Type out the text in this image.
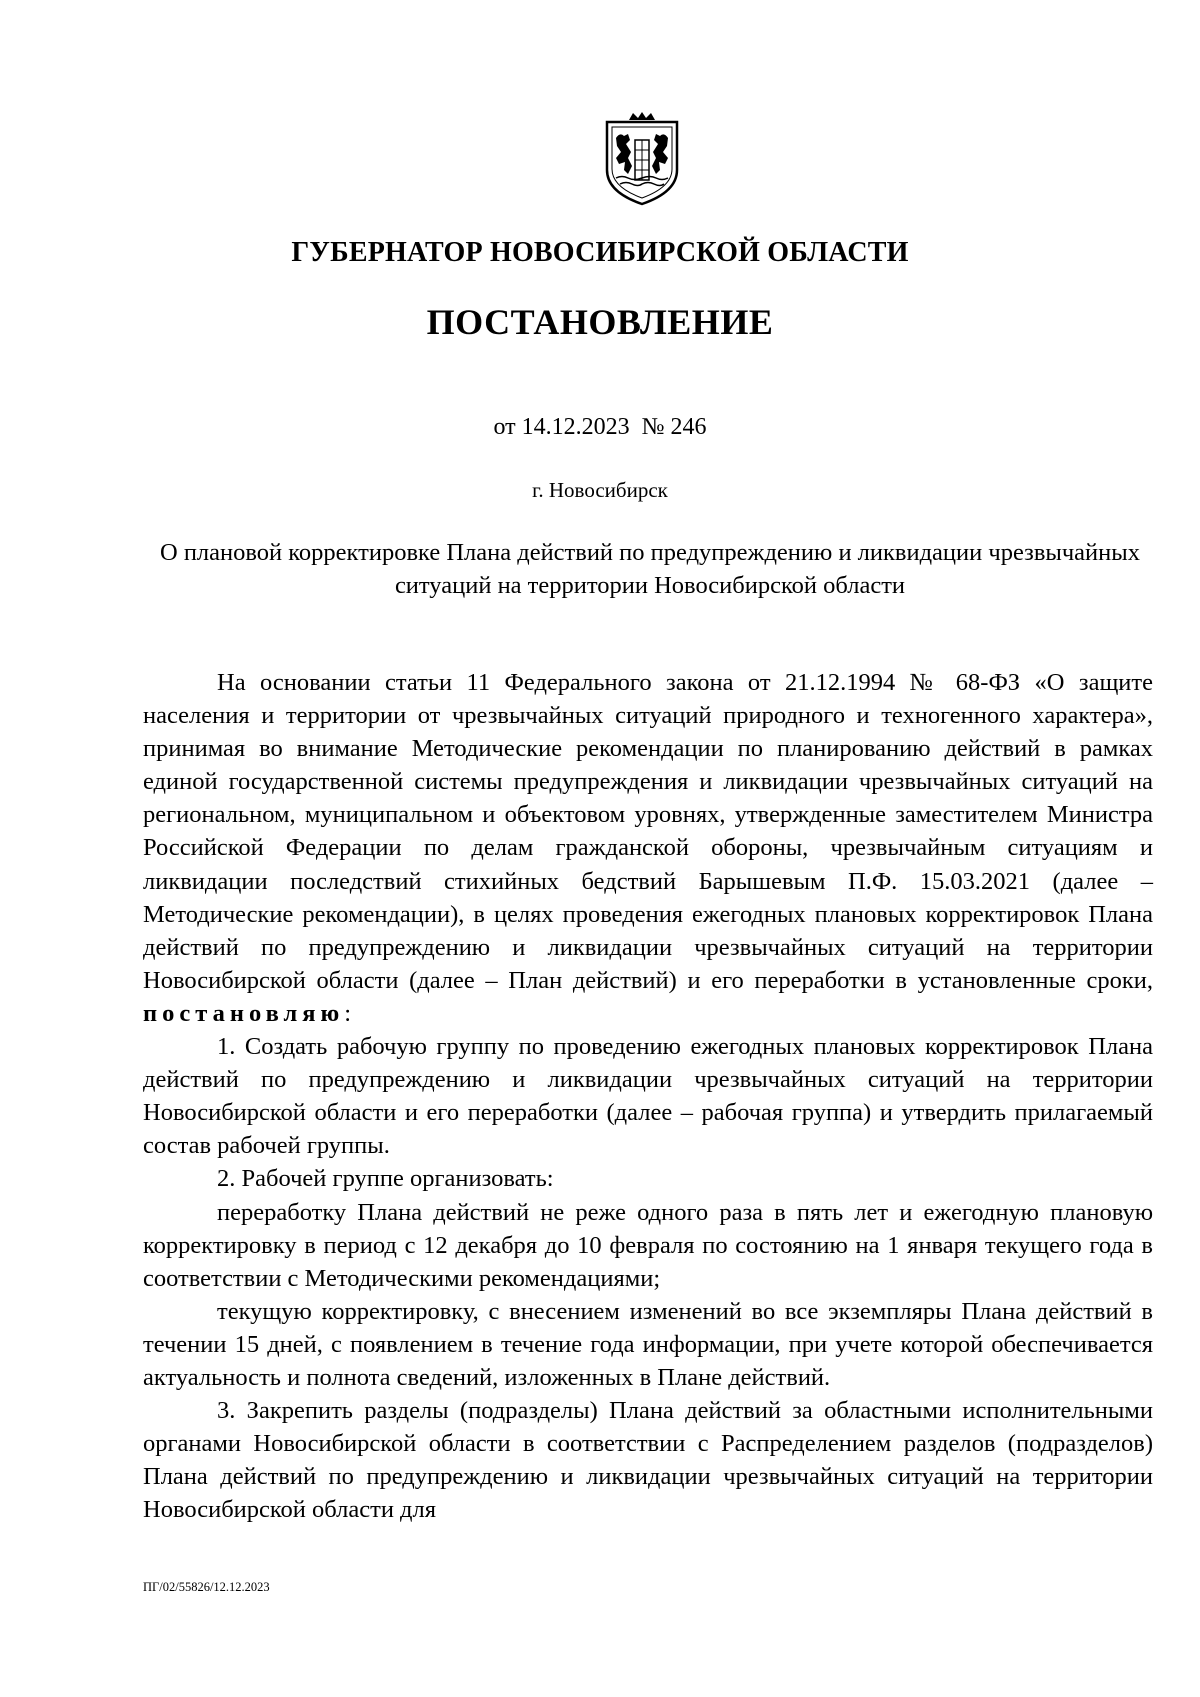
ГУБЕРНАТОР НОВОСИБИРСКОЙ ОБЛАСТИ
ПОСТАНОВЛЕНИЕ
от 14.12.2023  № 246
г. Новосибирск
О плановой корректировке Плана действий по предупреждению и ликвидации чрезвычайных ситуаций на территории Новосибирской области

На основании статьи 11 Федерального закона от 21.12.1994 № 68-ФЗ «О защите населения и территории от чрезвычайных ситуаций природного и техногенного характера», принимая во внимание Методические рекомендации по планированию действий в рамках единой государственной системы предупреждения и ликвидации чрезвычайных ситуаций на региональном, муниципальном и объектовом уровнях, утвержденные заместителем Министра Российской Федерации по делам гражданской обороны, чрезвычайным ситуациям и ликвидации последствий стихийных бедствий Барышевым П.Ф. 15.03.2021 (далее – Методические рекомендации), в целях проведения ежегодных плановых корректировок Плана действий по предупреждению и ликвидации чрезвычайных ситуаций на территории Новосибирской области (далее – План действий) и его переработки в установленные сроки, постановляю:

1. Создать рабочую группу по проведению ежегодных плановых корректировок Плана действий по предупреждению и ликвидации чрезвычайных ситуаций на территории Новосибирской области и его переработки (далее – рабочая группа) и утвердить прилагаемый состав рабочей группы.

2. Рабочей группе организовать:

переработку Плана действий не реже одного раза в пять лет и ежегодную плановую корректировку в период с 12 декабря до 10 февраля по состоянию на 1 января текущего года в соответствии с Методическими рекомендациями;

текущую корректировку, с внесением изменений во все экземпляры Плана действий в течении 15 дней, с появлением в течение года информации, при учете которой обеспечивается актуальность и полнота сведений, изложенных в Плане действий.

3. Закрепить разделы (подразделы) Плана действий за областными исполнительными органами Новосибирской области в соответствии с Распределением разделов (подразделов) Плана действий по предупреждению и ликвидации чрезвычайных ситуаций на территории Новосибирской области для

ПГ/02/55826/12.12.2023
